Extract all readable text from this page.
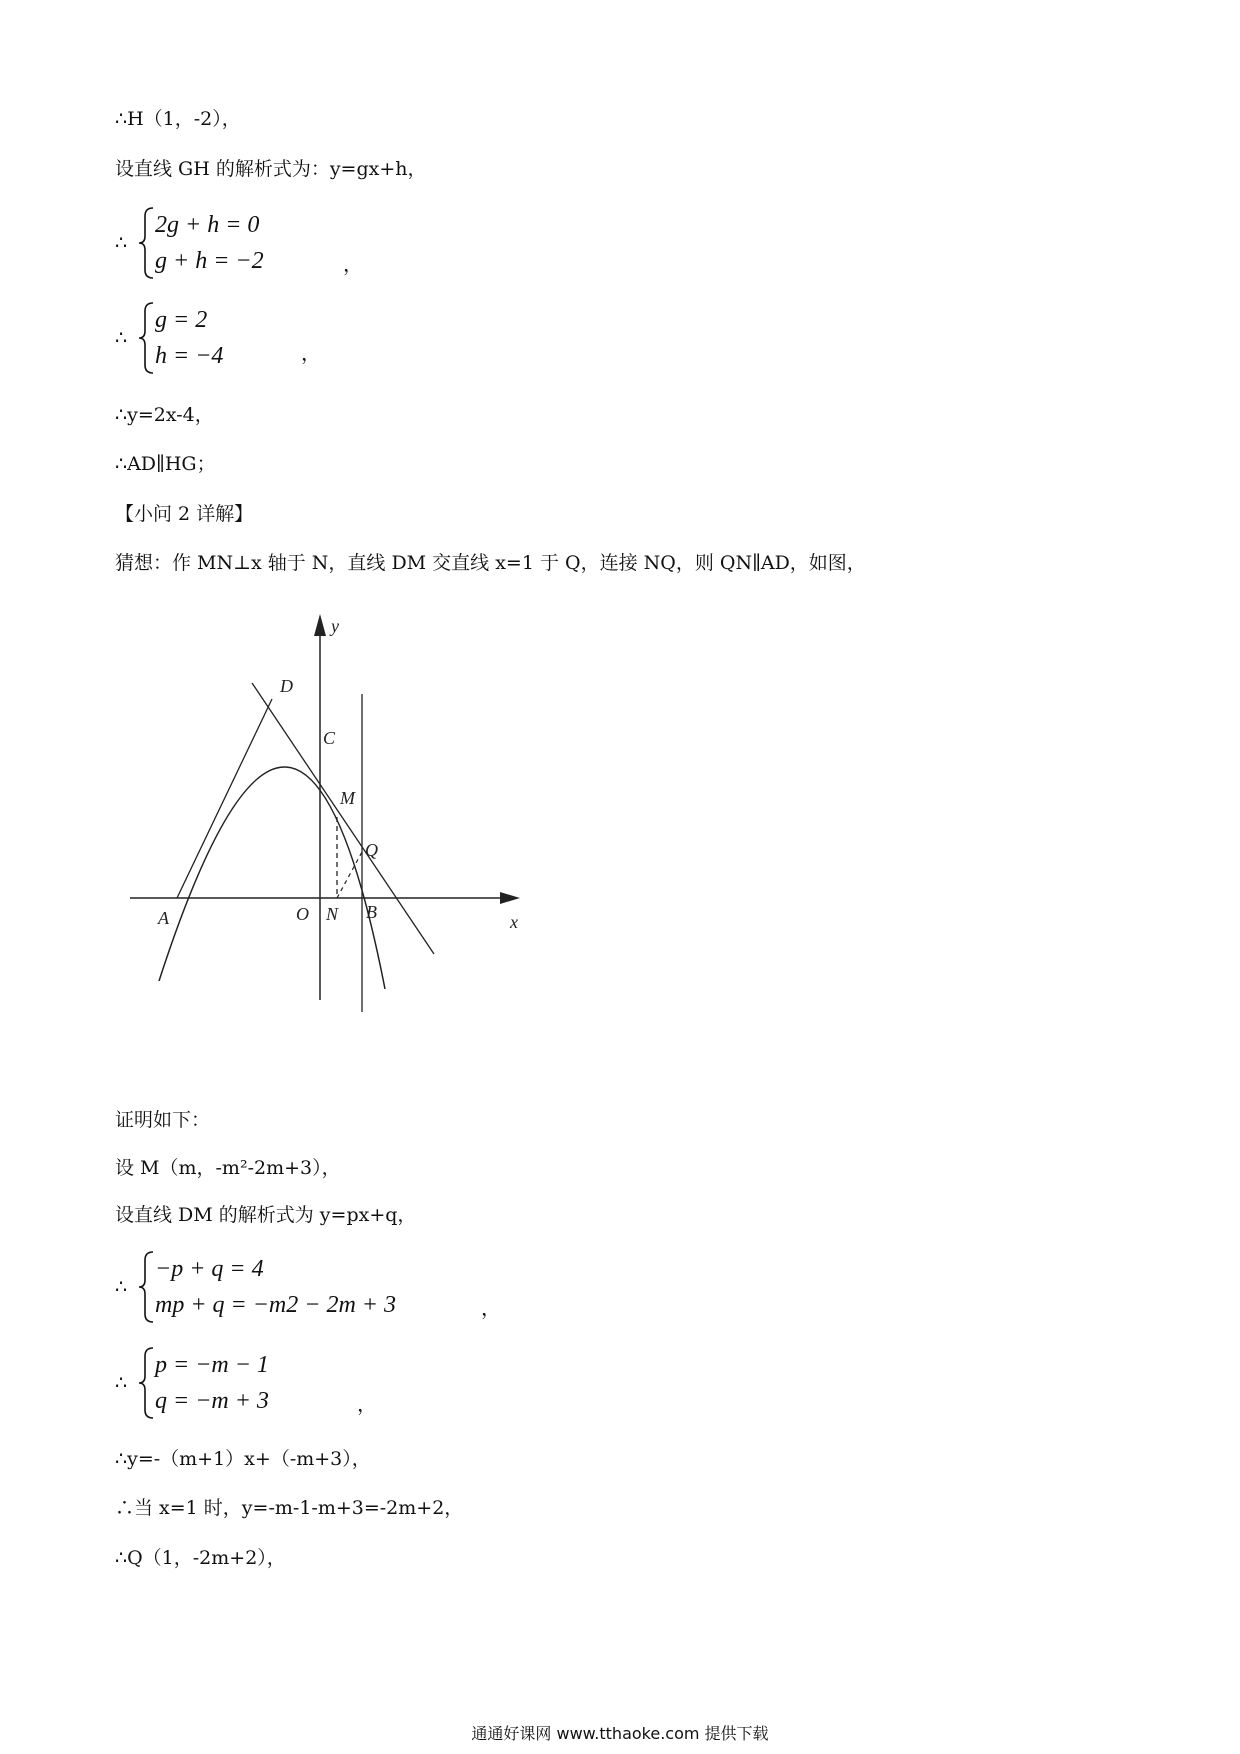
∴H（1，-2），
设直线 GH 的解析式为：y=gx+h，
∴
2g + h = 0
g + h = −2	，
∴
g = 2
h = −4	，
∴y=2x-4，
∴AD∥HG；
【小问 2 详解】
猜想：作 MN⊥x 轴于 N，直线 DM 交直线 x=1 于 Q，连接 NQ，则 QN∥AD，如图，
y
x
D
C
M
Q
A	O N B
证明如下：
设 M（m，-m²-2m+3），
设直线 DM 的解析式为 y=px+q，
∴
−p + q = 4
mp + q = −m2 − 2m + 3	，
∴
p = −m − 1
q = −m + 3	，
∴y=-（m+1）x+（-m+3），
∴当 x=1 时，y=-m-1-m+3=-2m+2，
∴Q（1，-2m+2），
通通好课网 www.tthaoke.com 提供下载
